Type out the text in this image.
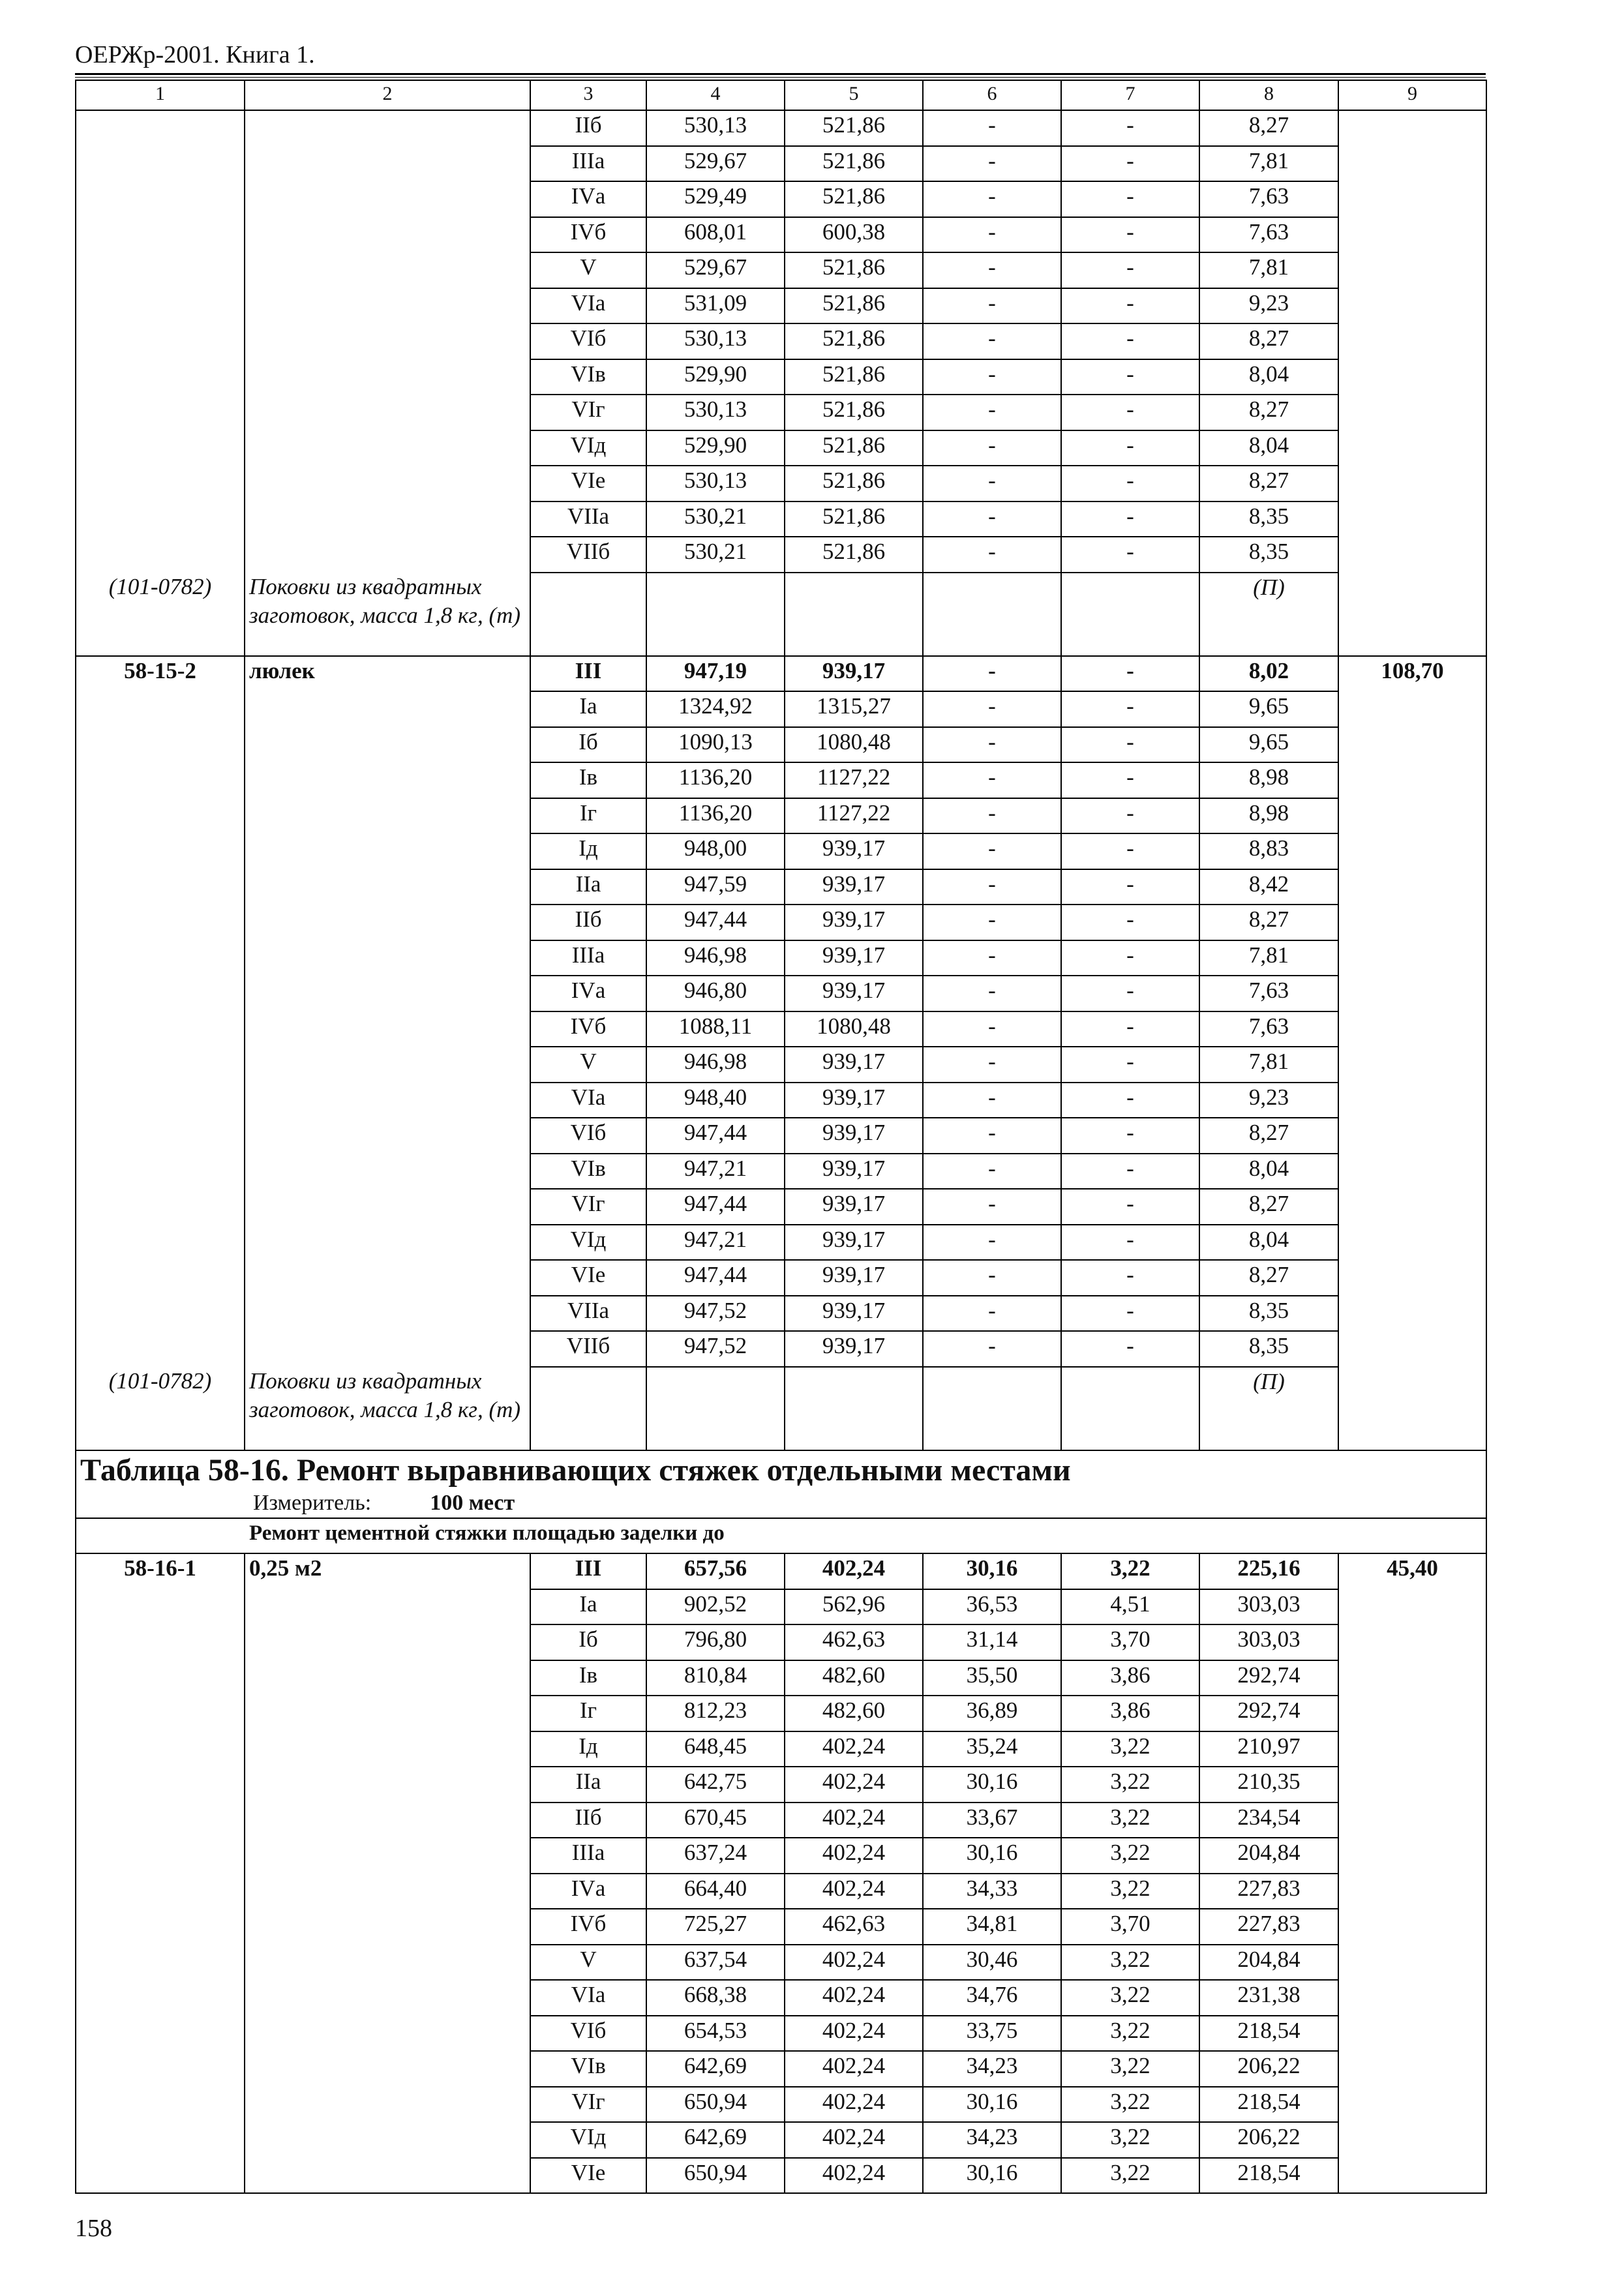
ОЕРЖр-2001. Книга 1.
1	2	3	4	5	6	7	8	9
		IIб	530,13	521,86	-	-	8,27	
		IIIа	529,67	521,86	-	-	7,81	
		IVа	529,49	521,86	-	-	7,63	
		IVб	608,01	600,38	-	-	7,63	
		V	529,67	521,86	-	-	7,81	
		VIа	531,09	521,86	-	-	9,23	
		VIб	530,13	521,86	-	-	8,27	
		VIв	529,90	521,86	-	-	8,04	
		VIг	530,13	521,86	-	-	8,27	
		VIд	529,90	521,86	-	-	8,04	
		VIе	530,13	521,86	-	-	8,27	
		VIIа	530,21	521,86	-	-	8,35	
		VIIб	530,21	521,86	-	-	8,35	
(101-0782)	Поковки из квадратных заготовок, масса 1,8 кг, (т)						(П)	
58-15-2	люлек	III	947,19	939,17	-	-	8,02	108,70
		Iа	1324,92	1315,27	-	-	9,65	
		Iб	1090,13	1080,48	-	-	9,65	
		Iв	1136,20	1127,22	-	-	8,98	
		Iг	1136,20	1127,22	-	-	8,98	
		Iд	948,00	939,17	-	-	8,83	
		IIа	947,59	939,17	-	-	8,42	
		IIб	947,44	939,17	-	-	8,27	
		IIIа	946,98	939,17	-	-	7,81	
		IVа	946,80	939,17	-	-	7,63	
		IVб	1088,11	1080,48	-	-	7,63	
		V	946,98	939,17	-	-	7,81	
		VIа	948,40	939,17	-	-	9,23	
		VIб	947,44	939,17	-	-	8,27	
		VIв	947,21	939,17	-	-	8,04	
		VIг	947,44	939,17	-	-	8,27	
		VIд	947,21	939,17	-	-	8,04	
		VIе	947,44	939,17	-	-	8,27	
		VIIа	947,52	939,17	-	-	8,35	
		VIIб	947,52	939,17	-	-	8,35	
(101-0782)	Поковки из квадратных заготовок, масса 1,8 кг, (т)						(П)	

Таблица 58-16. Ремонт выравнивающих стяжек отдельными местами
Измеритель: 100 мест								

Ремонт цементной стяжки площадью заделки до								
58-16-1	0,25 м2	III	657,56	402,24	30,16	3,22	225,16	45,40
		Iа	902,52	562,96	36,53	4,51	303,03	
		Iб	796,80	462,63	31,14	3,70	303,03	
		Iв	810,84	482,60	35,50	3,86	292,74	
		Iг	812,23	482,60	36,89	3,86	292,74	
		Iд	648,45	402,24	35,24	3,22	210,97	
		IIа	642,75	402,24	30,16	3,22	210,35	
		IIб	670,45	402,24	33,67	3,22	234,54	
		IIIа	637,24	402,24	30,16	3,22	204,84	
		IVа	664,40	402,24	34,33	3,22	227,83	
		IVб	725,27	462,63	34,81	3,70	227,83	
		V	637,54	402,24	30,46	3,22	204,84	
		VIа	668,38	402,24	34,76	3,22	231,38	
		VIб	654,53	402,24	33,75	3,22	218,54	
		VIв	642,69	402,24	34,23	3,22	206,22	
		VIг	650,94	402,24	30,16	3,22	218,54	
		VIд	642,69	402,24	34,23	3,22	206,22	
		VIе	650,94	402,24	30,16	3,22	218,54	
158
